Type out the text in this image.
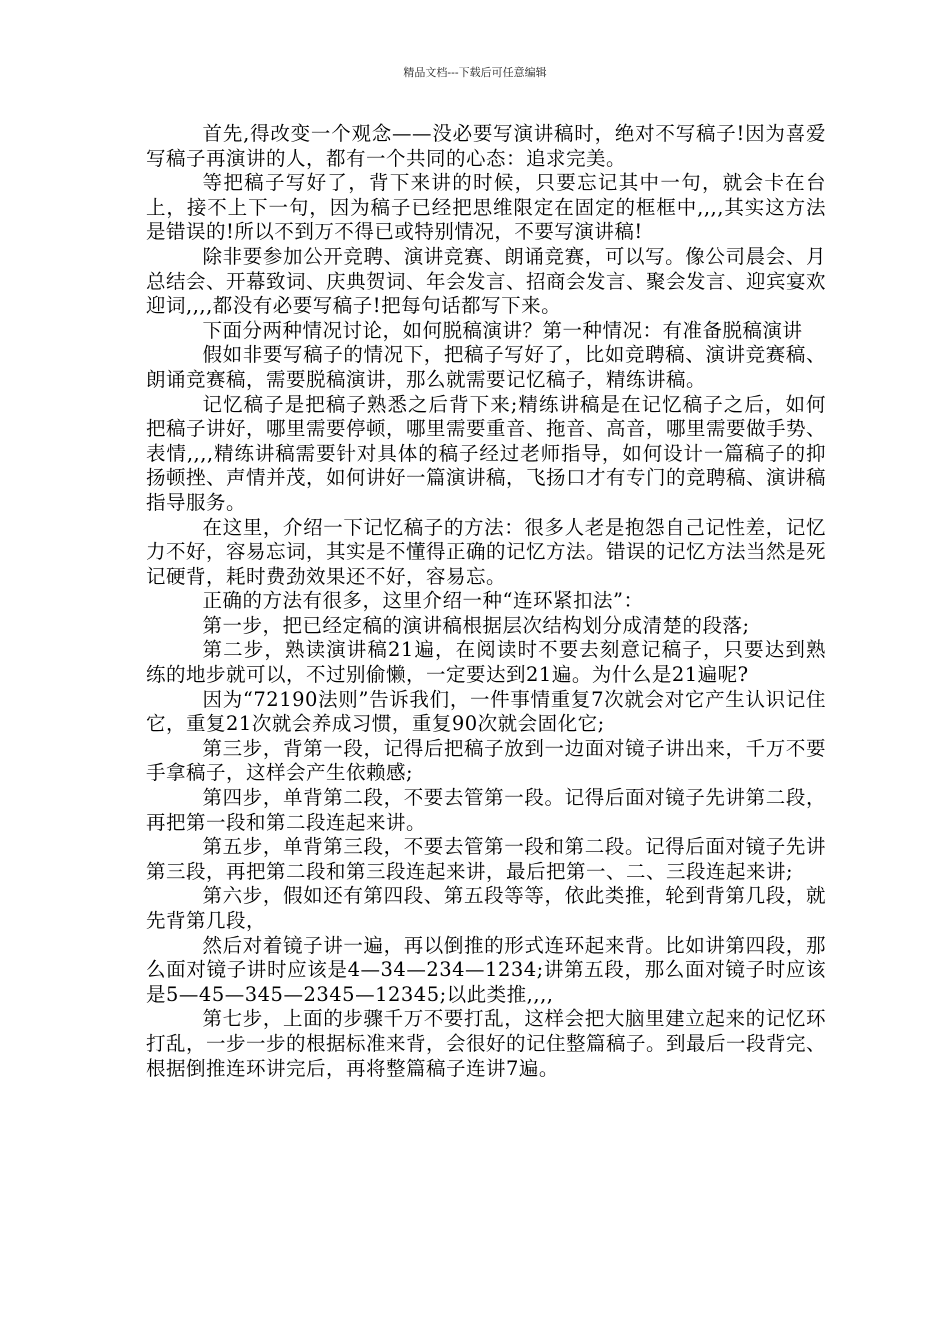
精品文档---下载后可任意编辑

首先,得改变一个观念——没必要写演讲稿时，绝对不写稿子!因为喜爱写稿子再演讲的人，都有一个共同的心态：追求完美。

等把稿子写好了，背下来讲的时候，只要忘记其中一句，就会卡在台上，接不上下一句，因为稿子已经把思维限定在固定的框框中,,,,其实这方法是错误的!所以不到万不得已或特别情况，不要写演讲稿!

除非要参加公开竞聘、演讲竞赛、朗诵竞赛，可以写。像公司晨会、月总结会、开幕致词、庆典贺词、年会发言、招商会发言、聚会发言、迎宾宴欢迎词,,,,都没有必要写稿子!把每句话都写下来。

下面分两种情况讨论，如何脱稿演讲？第一种情况：有准备脱稿演讲

假如非要写稿子的情况下，把稿子写好了，比如竞聘稿、演讲竞赛稿、朗诵竞赛稿，需要脱稿演讲，那么就需要记忆稿子，精练讲稿。

记忆稿子是把稿子熟悉之后背下来;精练讲稿是在记忆稿子之后，如何把稿子讲好，哪里需要停顿，哪里需要重音、拖音、高音，哪里需要做手势、表情,,,,精练讲稿需要针对具体的稿子经过老师指导，如何设计一篇稿子的抑扬顿挫、声情并茂，如何讲好一篇演讲稿，飞扬口才有专门的竞聘稿、演讲稿指导服务。

在这里，介绍一下记忆稿子的方法：很多人老是抱怨自己记性差，记忆力不好，容易忘词，其实是不懂得正确的记忆方法。错误的记忆方法当然是死记硬背，耗时费劲效果还不好，容易忘。

正确的方法有很多，这里介绍一种“连环紧扣法”：

第一步，把已经定稿的演讲稿根据层次结构划分成清楚的段落;

第二步，熟读演讲稿21遍，在阅读时不要去刻意记稿子，只要达到熟练的地步就可以，不过别偷懒，一定要达到21遍。为什么是21遍呢?

因为“72190法则”告诉我们，一件事情重复7次就会对它产生认识记住它，重复21次就会养成习惯，重复90次就会固化它;

第三步，背第一段，记得后把稿子放到一边面对镜子讲出来，千万不要手拿稿子，这样会产生依赖感;

第四步，单背第二段，不要去管第一段。记得后面对镜子先讲第二段，再把第一段和第二段连起来讲。

第五步，单背第三段，不要去管第一段和第二段。记得后面对镜子先讲第三段，再把第二段和第三段连起来讲，最后把第一、二、三段连起来讲;

第六步，假如还有第四段、第五段等等，依此类推，轮到背第几段，就先背第几段，

然后对着镜子讲一遍，再以倒推的形式连环起来背。比如讲第四段，那么面对镜子讲时应该是4—34—234—1234;讲第五段，那么面对镜子时应该是5—45—345—2345—12345;以此类推,,,,

第七步，上面的步骤千万不要打乱，这样会把大脑里建立起来的记忆环打乱，一步一步的根据标准来背，会很好的记住整篇稿子。到最后一段背完、根据倒推连环讲完后，再将整篇稿子连讲7遍。
